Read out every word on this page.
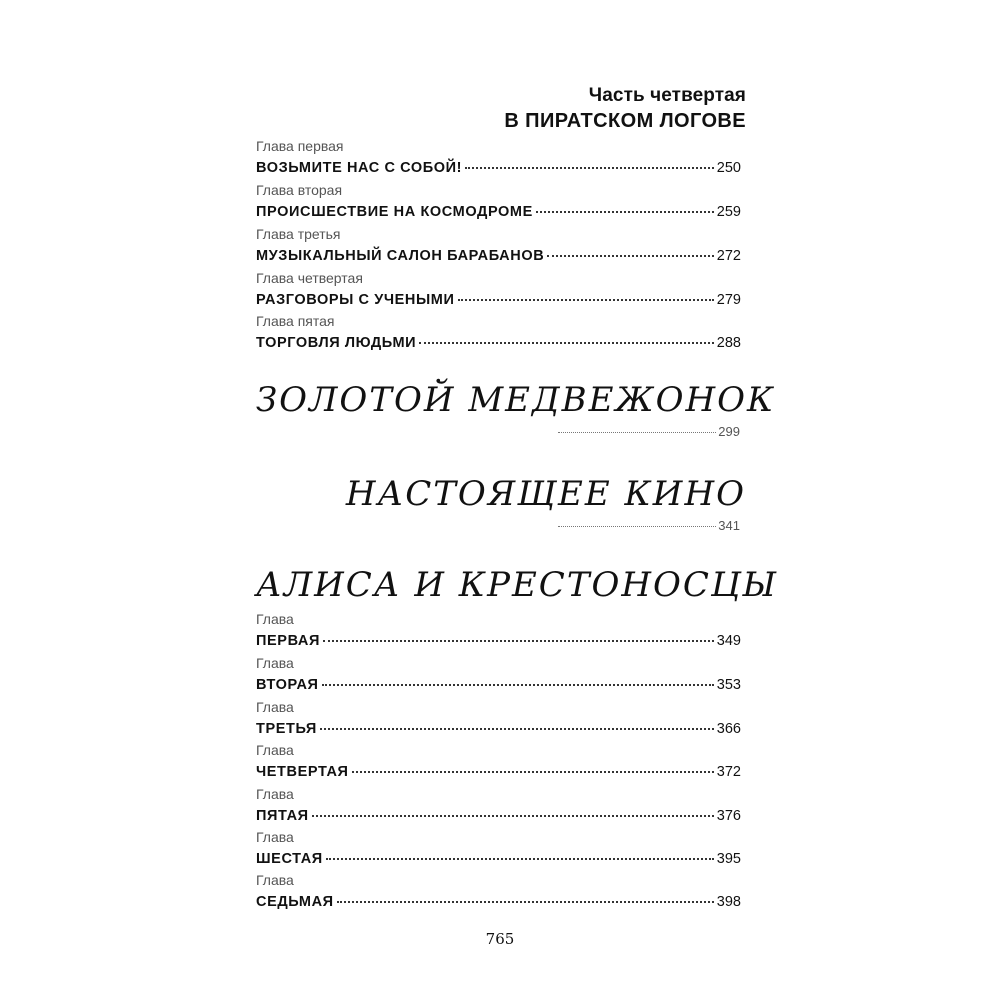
Часть четвертая
В ПИРАТСКОМ ЛОГОВЕ
Глава первая
ВОЗЬМИТЕ НАС С СОБОЙ!	250
Глава вторая
ПРОИСШЕСТВИЕ НА КОСМОДРОМЕ	259
Глава третья
МУЗЫКАЛЬНЫЙ САЛОН БАРАБАНОВ	272
Глава четвертая
РАЗГОВОРЫ С УЧЕНЫМИ	279
Глава пятая
ТОРГОВЛЯ ЛЮДЬМИ	288
ЗОЛОТОЙ МЕДВЕЖОНОК
299
НАСТОЯЩЕЕ КИНО
341
АЛИСА И КРЕСТОНОСЦЫ
Глава
ПЕРВАЯ	349
Глава
ВТОРАЯ	353
Глава
ТРЕТЬЯ	366
Глава
ЧЕТВЕРТАЯ	372
Глава
ПЯТАЯ	376
Глава
ШЕСТАЯ	395
Глава
СЕДЬМАЯ	398
765
